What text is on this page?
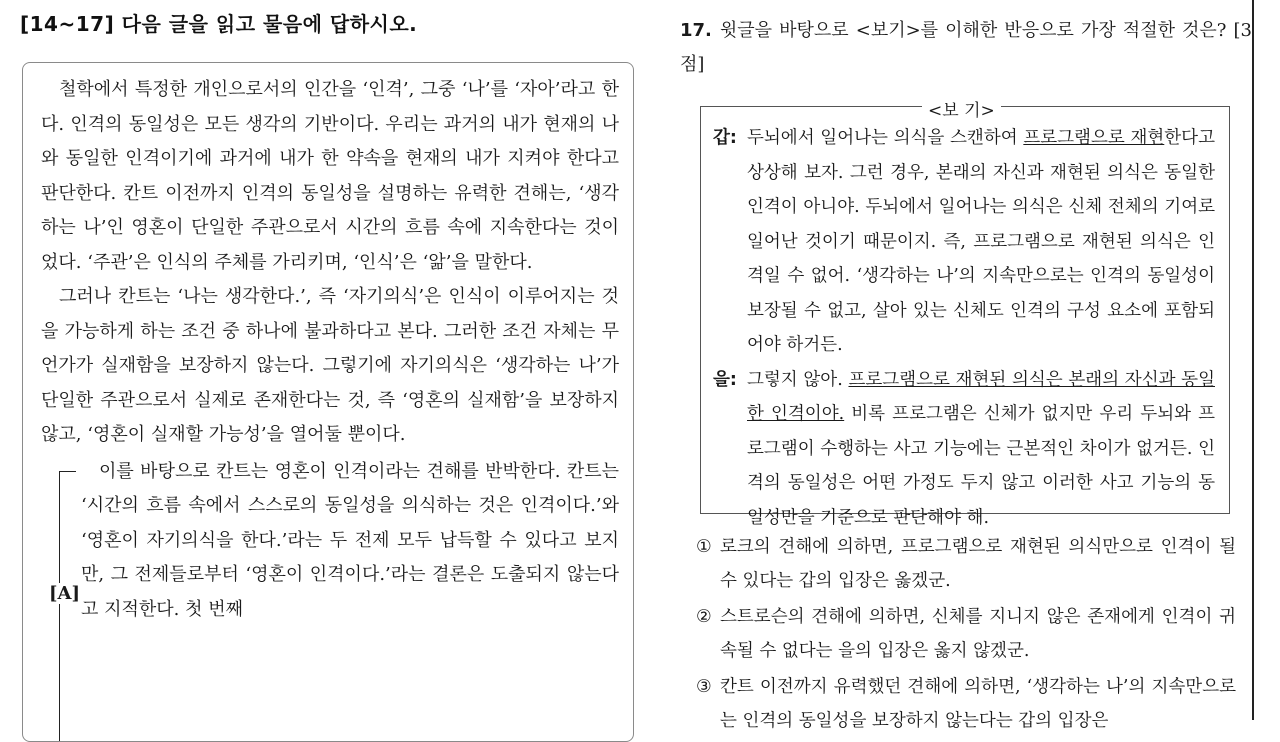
[14~17] 다음 글을 읽고 물음에 답하시오.

철학에서 특정한 개인으로서의 인간을 ‘인격’, 그중 ‘나’를 ‘자아’라고 한다. 인격의 동일성은 모든 생각의 기반이다. 우리는 과거의 내가 현재의 나와 동일한 인격이기에 과거에 내가 한 약속을 현재의 내가 지켜야 한다고 판단한다. 칸트 이전까지 인격의 동일성을 설명하는 유력한 견해는, ‘생각하는 나’인 영혼이 단일한 주관으로서 시간의 흐름 속에 지속한다는 것이었다. ‘주관’은 인식의 주체를 가리키며, ‘인식’은 ‘앎’을 말한다.

그러나 칸트는 ‘나는 생각한다.’, 즉 ‘자기의식’은 인식이 이루어지는 것을 가능하게 하는 조건 중 하나에 불과하다고 본다. 그러한 조건 자체는 무언가가 실재함을 보장하지 않는다. 그렇기에 자기의식은 ‘생각하는 나’가 단일한 주관으로서 실제로 존재한다는 것, 즉 ‘영혼의 실재함’을 보장하지 않고, ‘영혼이 실재할 가능성’을 열어둘 뿐이다.

[A]

이를 바탕으로 칸트는 영혼이 인격이라는 견해를 반박한다. 칸트는 ‘시간의 흐름 속에서 스스로의 동일성을 의식하는 것은 인격이다.’와 ‘영혼이 자기의식을 한다.’라는 두 전제 모두 납득할 수 있다고 보지만, 그 전제들로부터 ‘영혼이 인격이다.’라는 결론은 도출되지 않는다고 지적한다. 첫 번째

17. 윗글을 바탕으로 <보기>를 이해한 반응으로 가장 적절한 것은? [3점]
<보 기>

갑: 두뇌에서 일어나는 의식을 스캔하여 프로그램으로 재현한다고 상상해 보자. 그런 경우, 본래의 자신과 재현된 의식은 동일한 인격이 아니야. 두뇌에서 일어나는 의식은 신체 전체의 기여로 일어난 것이기 때문이지. 즉, 프로그램으로 재현된 의식은 인격일 수 없어. ‘생각하는 나’의 지속만으로는 인격의 동일성이 보장될 수 없고, 살아 있는 신체도 인격의 구성 요소에 포함되어야 하거든.

을: 그렇지 않아. 프로그램으로 재현된 의식은 본래의 자신과 동일한 인격이야. 비록 프로그램은 신체가 없지만 우리 두뇌와 프로그램이 수행하는 사고 기능에는 근본적인 차이가 없거든. 인격의 동일성은 어떤 가정도 두지 않고 이러한 사고 기능의 동일성만을 기준으로 판단해야 해.

① 로크의 견해에 의하면, 프로그램으로 재현된 의식만으로 인격이 될 수 있다는 갑의 입장은 옳겠군.

② 스트로슨의 견해에 의하면, 신체를 지니지 않은 존재에게 인격이 귀속될 수 없다는 을의 입장은 옳지 않겠군.

③ 칸트 이전까지 유력했던 견해에 의하면, ‘생각하는 나’의 지속만으로는 인격의 동일성을 보장하지 않는다는 갑의 입장은
